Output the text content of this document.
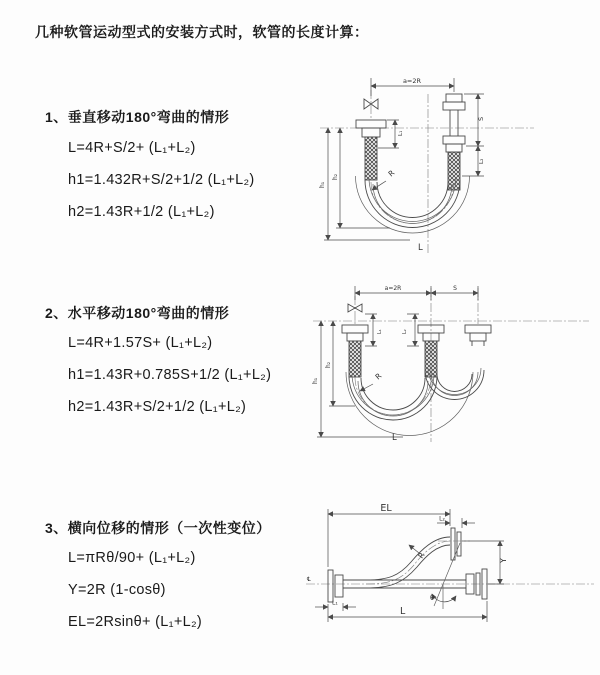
几种软管运动型式的安装方式时，软管的长度计算：
1、垂直移动180°弯曲的情形
L=4R+S/2+ (L₁+L₂)
h1=1.432R+S/2+1/2 (L₁+L₂)
h2=1.43R+1/2 (L₁+L₂)
2、水平移动180°弯曲的情形
L=4R+1.57S+ (L₁+L₂)
h1=1.43R+0.785S+1/2 (L₁+L₂)
h2=1.43R+S/2+1/2 (L₁+L₂)
3、横向位移的情形（一次性变位）
L=πRθ/90+ (L₁+L₂)
Y=2R (1-cosθ)
EL=2Rsinθ+ (L₁+L₂)
a=2R
h₁
h₂
S
L₂
L₁
R
L
a=2R	S
h₁
h₂
L₁	L₂
R
L
℄
EL
L₂
Y
θ
R
L
L₁
